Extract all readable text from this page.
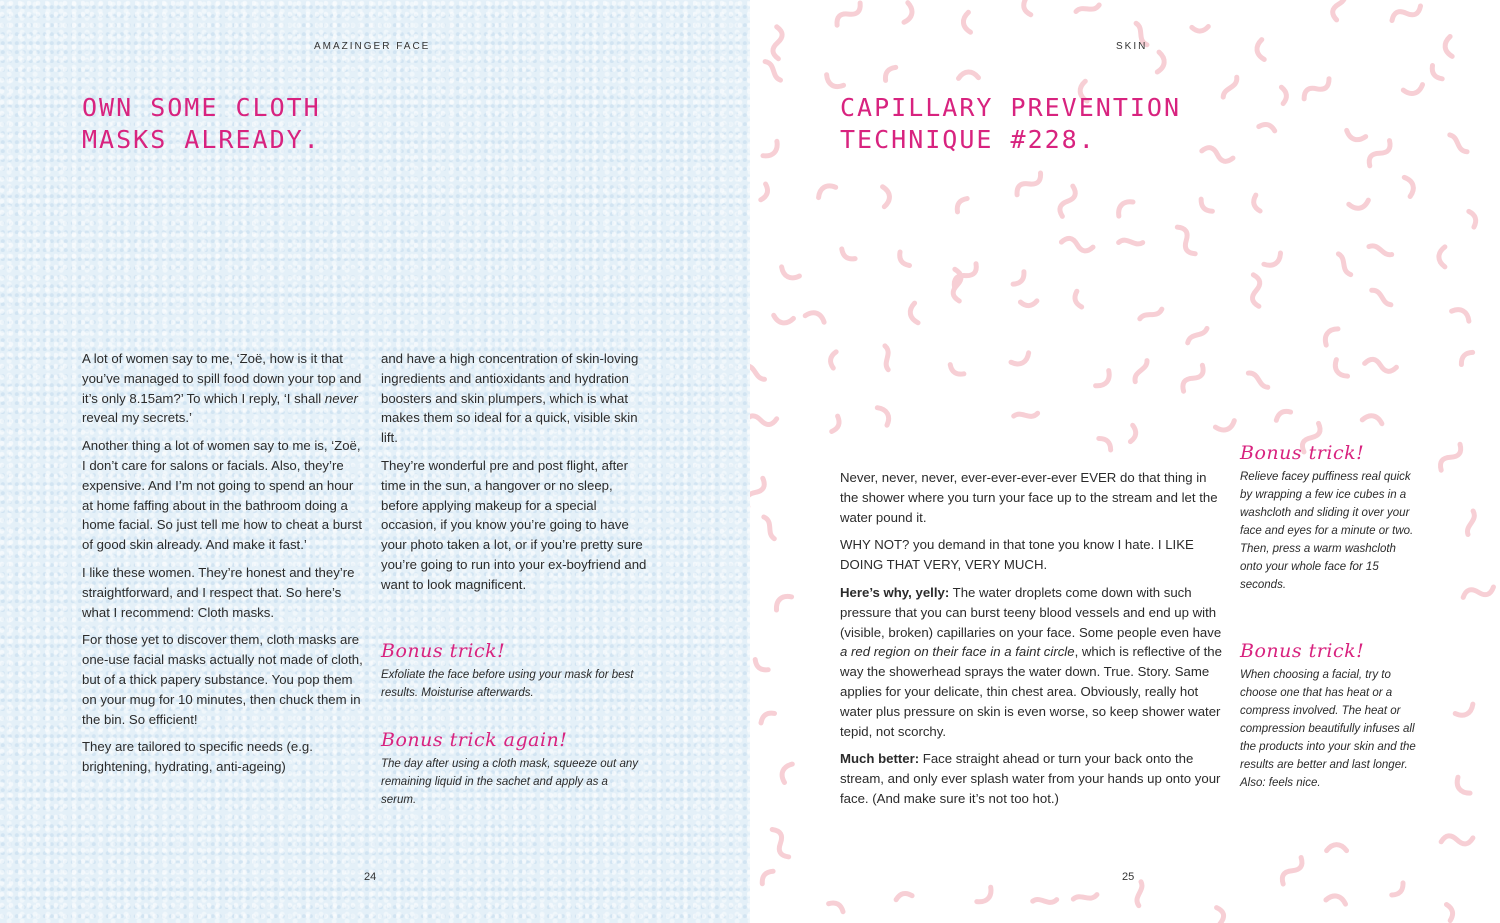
AMAZINGER FACE
OWN SOME CLOTH
MASKS ALREADY.

A lot of women say to me, ‘Zoë, how is it that you’ve managed to spill food down your top and it’s only 8.15am?’ To which I reply, ‘I shall never reveal my secrets.’

Another thing a lot of women say to me is, ‘Zoë, I don’t care for salons or facials. Also, they’re expensive. And I’m not going to spend an hour at home faffing about in the bathroom doing a home facial. So just tell me how to cheat a burst of good skin already. And make it fast.’

I like these women. They’re honest and they’re straightforward, and I respect that. So here’s what I recommend: Cloth masks.

For those yet to discover them, cloth masks are one-use facial masks actually not made of cloth, but of a thick papery substance. You pop them on your mug for 10 minutes, then chuck them in the bin. So efficient!

They are tailored to specific needs (e.g. brightening, hydrating, anti-ageing)

and have a high concentration of skin-loving ingredients and antioxidants and hydration boosters and skin plumpers, which is what makes them so ideal for a quick, visible skin lift.

They’re wonderful pre and post flight, after time in the sun, a hangover or no sleep, before applying makeup for a special occasion, if you know you’re going to have your photo taken a lot, or if you’re pretty sure you’re going to run into your ex-boyfriend and want to look magnificent.

Bonus trick!
Exfoliate the face before using your mask for best results. Moisturise afterwards.
Bonus trick again!
The day after using a cloth mask, squeeze out any remaining liquid in the sachet and apply as a serum.
24
SKIN
CAPILLARY PREVENTION
TECHNIQUE #228.

Never, never, never, ever-ever-ever-ever EVER do that thing in the shower where you turn your face up to the stream and let the water pound it.

WHY NOT? you demand in that tone you know I hate. I LIKE DOING THAT VERY, VERY MUCH.

Here’s why, yelly: The water droplets come down with such pressure that you can burst teeny blood vessels and end up with (visible, broken) capillaries on your face. Some people even have a red region on their face in a faint circle, which is reflective of the way the showerhead sprays the water down. True. Story. Same applies for your delicate, thin chest area. Obviously, really hot water plus pressure on skin is even worse, so keep shower water tepid, not scorchy.

Much better: Face straight ahead or turn your back onto the stream, and only ever splash water from your hands up onto your face. (And make sure it’s not too hot.)

Bonus trick!
Relieve facey puffiness real quick by wrapping a few ice cubes in a washcloth and sliding it over your face and eyes for a minute or two. Then, press a warm washcloth onto your whole face for 15 seconds.
Bonus trick!
When choosing a facial, try to choose one that has heat or a compress involved. The heat or compression beautifully infuses all the products into your skin and the results are better and last longer. Also: feels nice.
25
